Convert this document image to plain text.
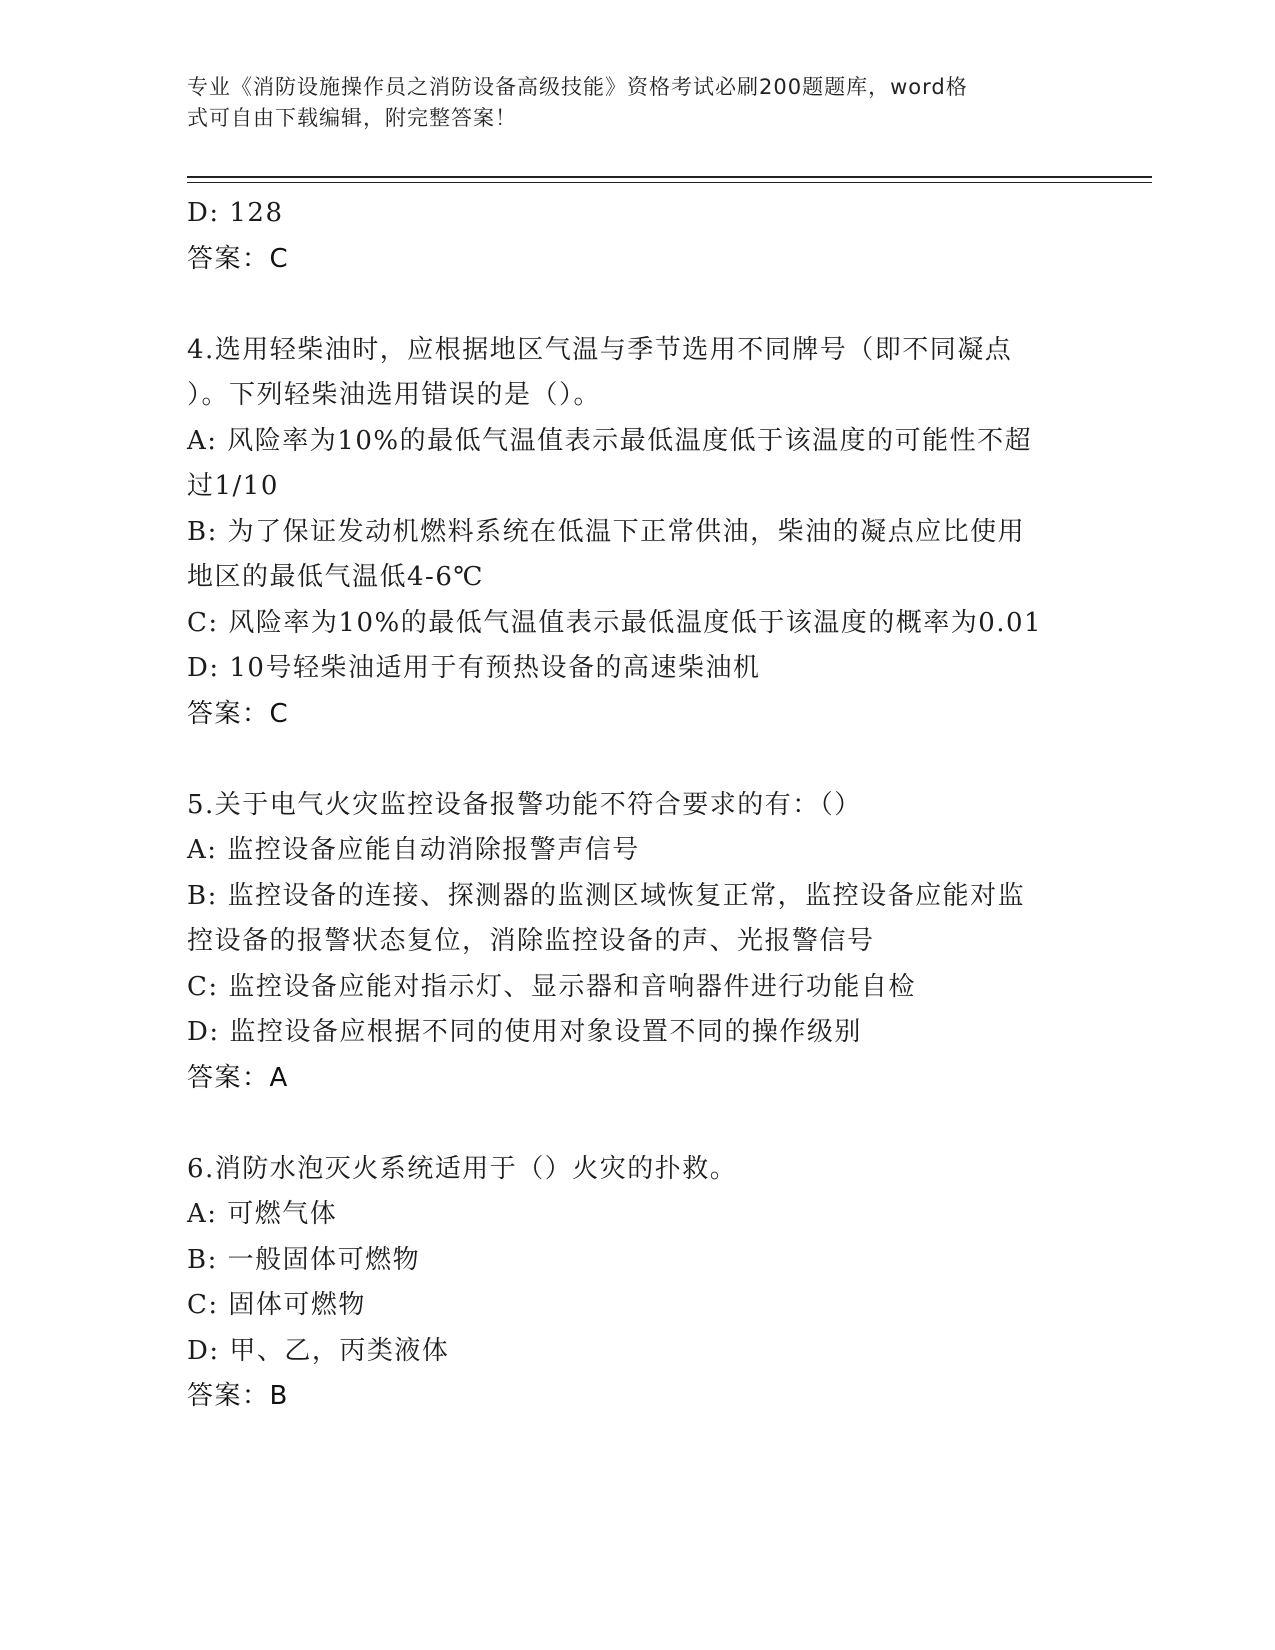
专业《消防设施操作员之消防设备高级技能》资格考试必刷200题题库，word格
式可自由下载编辑，附完整答案！
D: 128
答案：C
4.选用轻柴油时，应根据地区气温与季节选用不同牌号（即不同凝点
）。下列轻柴油选用错误的是（）。
A: 风险率为10%的最低气温值表示最低温度低于该温度的可能性不超
过1/10
B: 为了保证发动机燃料系统在低温下正常供油，柴油的凝点应比使用
地区的最低气温低4-6℃
C: 风险率为10%的最低气温值表示最低温度低于该温度的概率为0.01
D: 10号轻柴油适用于有预热设备的高速柴油机
答案：C
5.关于电气火灾监控设备报警功能不符合要求的有：（）
A: 监控设备应能自动消除报警声信号
B: 监控设备的连接、探测器的监测区域恢复正常，监控设备应能对监
控设备的报警状态复位，消除监控设备的声、光报警信号
C: 监控设备应能对指示灯、显示器和音响器件进行功能自检
D: 监控设备应根据不同的使用对象设置不同的操作级别
答案：A
6.消防水泡灭火系统适用于（）火灾的扑救。
A: 可燃气体
B: 一般固体可燃物
C: 固体可燃物
D: 甲、乙，丙类液体
答案：B
